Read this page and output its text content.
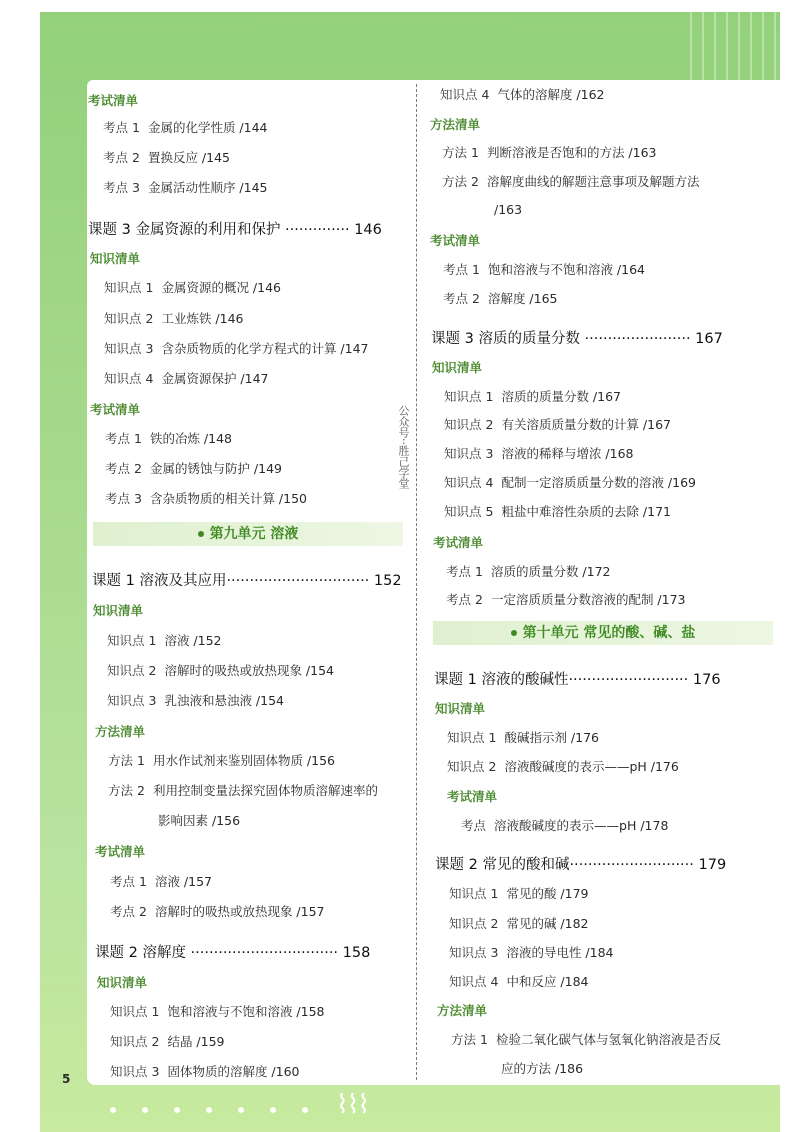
公众号··胜己学堂
考试清单
考点 1 金属的化学性质 /144
考点 2 置换反应 /145
考点 3 金属活动性顺序 /145
课题 3 金属资源的利用和保护 ·············· 146
知识清单
知识点 1 金属资源的概况 /146
知识点 2 工业炼铁 /146
知识点 3 含杂质物质的化学方程式的计算 /147
知识点 4 金属资源保护 /147
考试清单
考点 1 铁的冶炼 /148
考点 2 金属的锈蚀与防护 /149
考点 3 含杂质物质的相关计算 /150
课题 1 溶液及其应用······························· 152
知识清单
知识点 1 溶液 /152
知识点 2 溶解时的吸热或放热现象 /154
知识点 3 乳浊液和悬浊液 /154
方法清单
方法 1 用水作试剂来鉴别固体物质 /156
方法 2 利用控制变量法探究固体物质溶解速率的
影响因素 /156
考试清单
考点 1 溶液 /157
考点 2 溶解时的吸热或放热现象 /157
课题 2 溶解度 ································ 158
知识清单
知识点 1 饱和溶液与不饱和溶液 /158
知识点 2 结晶 /159
知识点 3 固体物质的溶解度 /160
知识点 4 气体的溶解度 /162
方法清单
方法 1 判断溶液是否饱和的方法 /163
方法 2 溶解度曲线的解题注意事项及解题方法
/163
考试清单
考点 1 饱和溶液与不饱和溶液 /164
考点 2 溶解度 /165
课题 3 溶质的质量分数 ······················· 167
知识清单
知识点 1 溶质的质量分数 /167
知识点 2 有关溶质质量分数的计算 /167
知识点 3 溶液的稀释与增浓 /168
知识点 4 配制一定溶质质量分数的溶液 /169
知识点 5 粗盐中难溶性杂质的去除 /171
考试清单
考点 1 溶质的质量分数 /172
考点 2 一定溶质质量分数溶液的配制 /173
课题 1 溶液的酸碱性·························· 176
知识清单
知识点 1 酸碱指示剂 /176
知识点 2 溶液酸碱度的表示——pH /176
考试清单
考点 溶液酸碱度的表示——pH /178
课题 2 常见的酸和碱··························· 179
知识点 1 常见的酸 /179
知识点 2 常见的碱 /182
知识点 3 溶液的导电性 /184
知识点 4 中和反应 /184
方法清单
方法 1 检验二氧化碳气体与氢氧化钠溶液是否反
应的方法 /186
第九单元 溶液
第十单元 常见的酸、碱、盐
5
⌇⌇⌇
